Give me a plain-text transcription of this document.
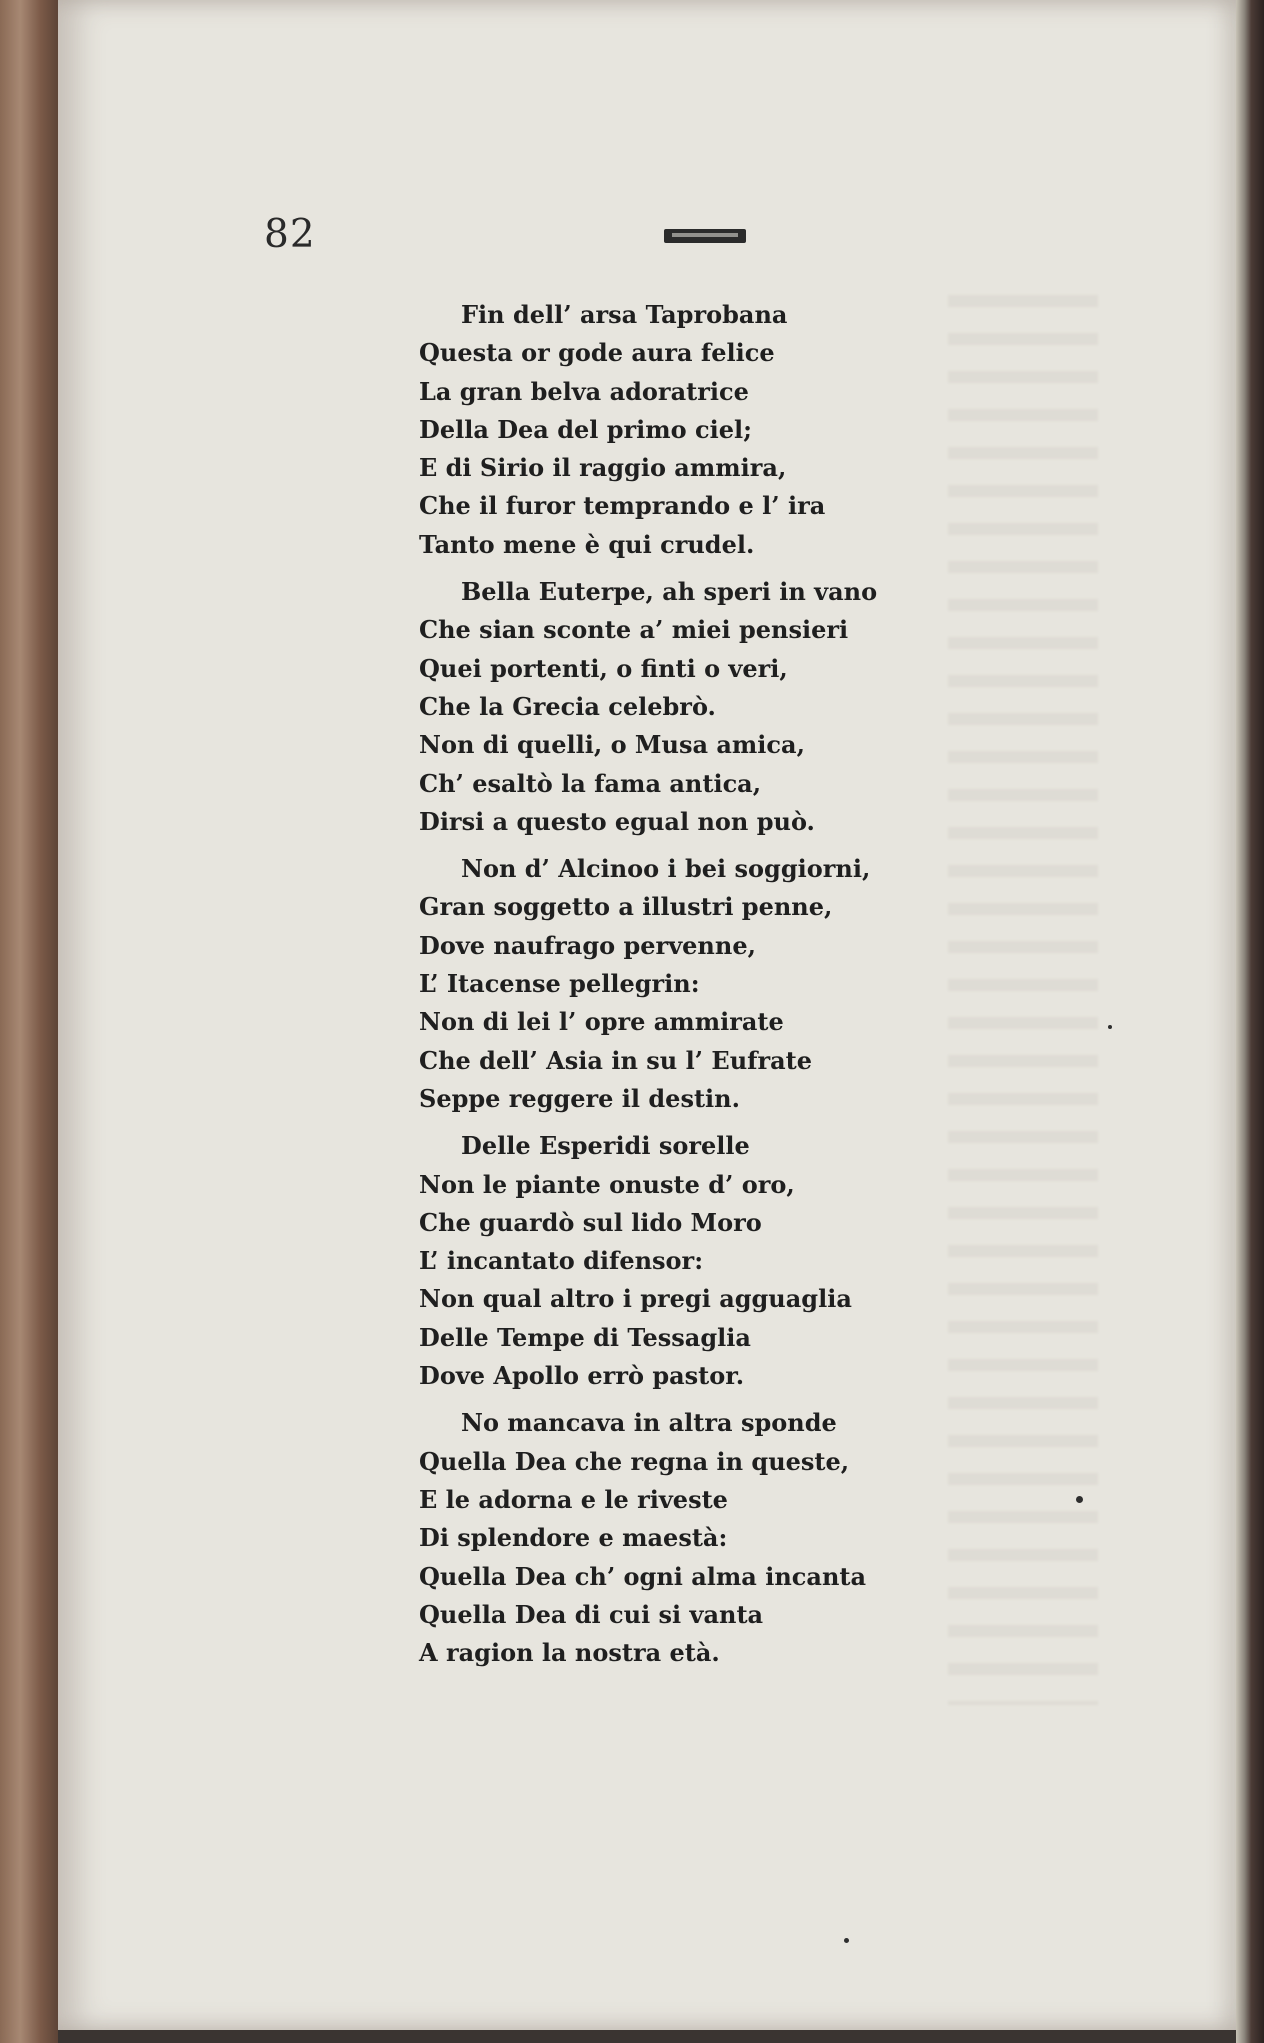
82
Fin dell’ arsa Taprobana
Questa or gode aura felice
La gran belva adoratrice
Della Dea del primo ciel;
E di Sirio il raggio ammira,
Che il furor temprando e l’ ira
Tanto mene è qui crudel.
Bella Euterpe, ah speri in vano
Che sian sconte a’ miei pensieri
Quei portenti, o finti o veri,
Che la Grecia celebrò.
Non di quelli, o Musa amica,
Ch’ esaltò la fama antica,
Dirsi a questo egual non può.
Non d’ Alcinoo i bei soggiorni,
Gran soggetto a illustri penne,
Dove naufrago pervenne,
L’ Itacense pellegrin:
Non di lei l’ opre ammirate
Che dell’ Asia in su l’ Eufrate
Seppe reggere il destin.
Delle Esperidi sorelle
Non le piante onuste d’ oro,
Che guardò sul lido Moro
L’ incantato difensor:
Non qual altro i pregi agguaglia
Delle Tempe di Tessaglia
Dove Apollo errò pastor.
No mancava in altra sponde
Quella Dea che regna in queste,
E le adorna e le riveste
Di splendore e maestà:
Quella Dea ch’ ogni alma incanta
Quella Dea di cui si vanta
A ragion la nostra età.
